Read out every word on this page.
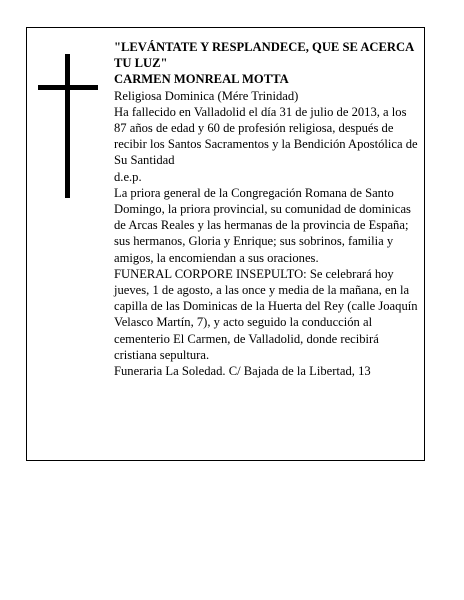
"LEVÁNTATE Y RESPLANDECE, QUE SE ACERCA TU LUZ"

CARMEN MONREAL MOTTA

Religiosa Dominica (Mére Trinidad)

Ha fallecido en Valladolid el día 31 de julio de 2013, a los 87 años de edad y 60 de profesión religiosa, después de recibir los Santos Sacramentos y la Bendición Apostólica de Su Santidad

d.e.p.

La priora general de la Congregación Romana de Santo Domingo, la priora provincial, su comunidad de dominicas de Arcas Reales y las hermanas de la provincia de España; sus hermanos, Gloria y Enrique; sus sobrinos, familia y amigos, la encomiendan a sus oraciones.

FUNERAL CORPORE INSEPULTO: Se celebrará hoy jueves, 1 de agosto, a las once y media de la mañana, en la capilla de las Dominicas de la Huerta del Rey (calle Joaquín Velasco Martín, 7), y acto seguido la conducción al cementerio El Carmen, de Valladolid, donde recibirá cristiana sepultura.

Funeraria La Soledad. C/ Bajada de la Libertad, 13
